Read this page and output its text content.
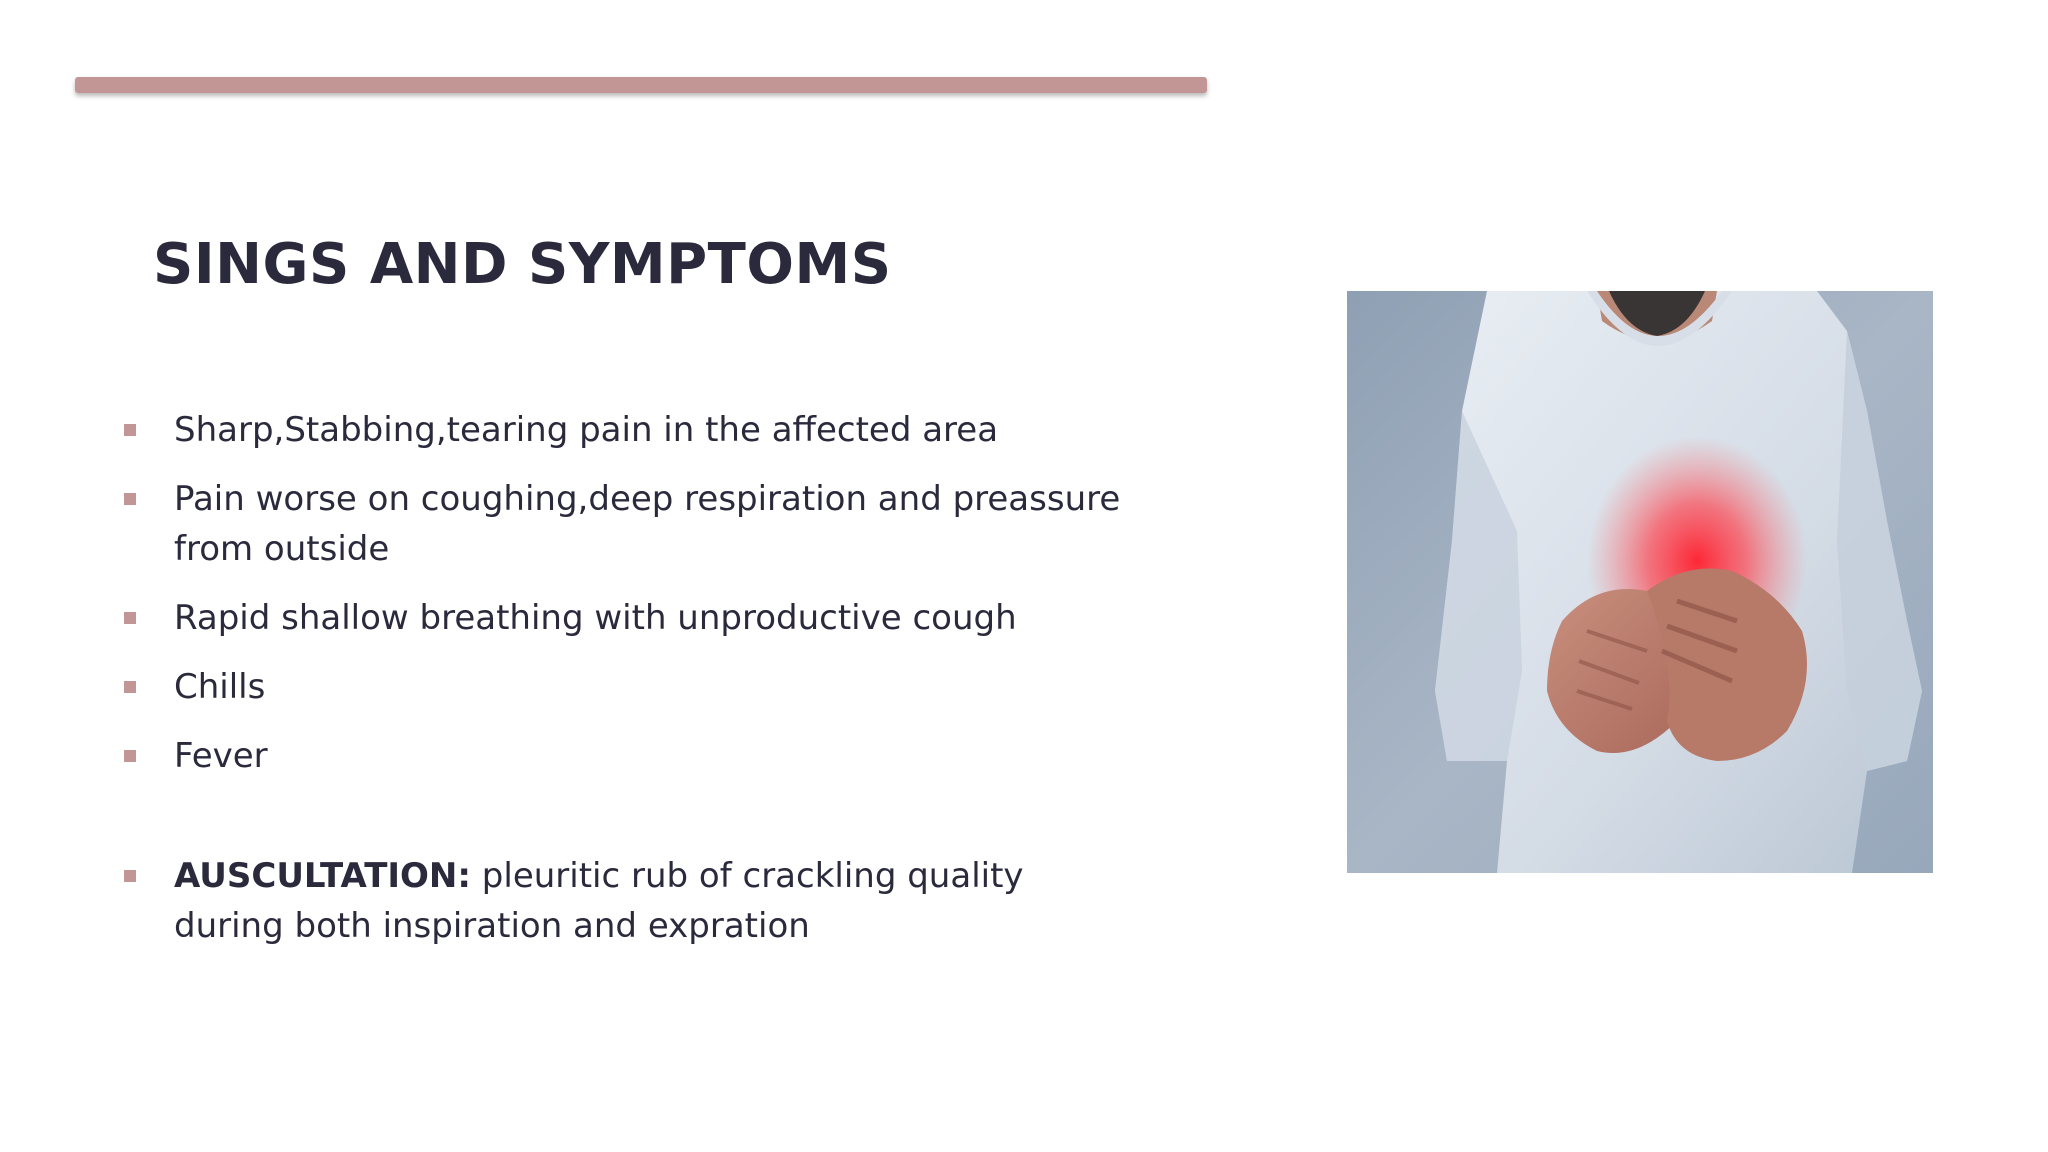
SINGS AND SYMPTOMS
Sharp,Stabbing,tearing pain in the affected area
Pain worse on coughing,deep respiration and preassure from outside
Rapid shallow breathing with unproductive cough
Chills
Fever
AUSCULTATION: pleuritic rub of crackling quality during both inspiration and expration
